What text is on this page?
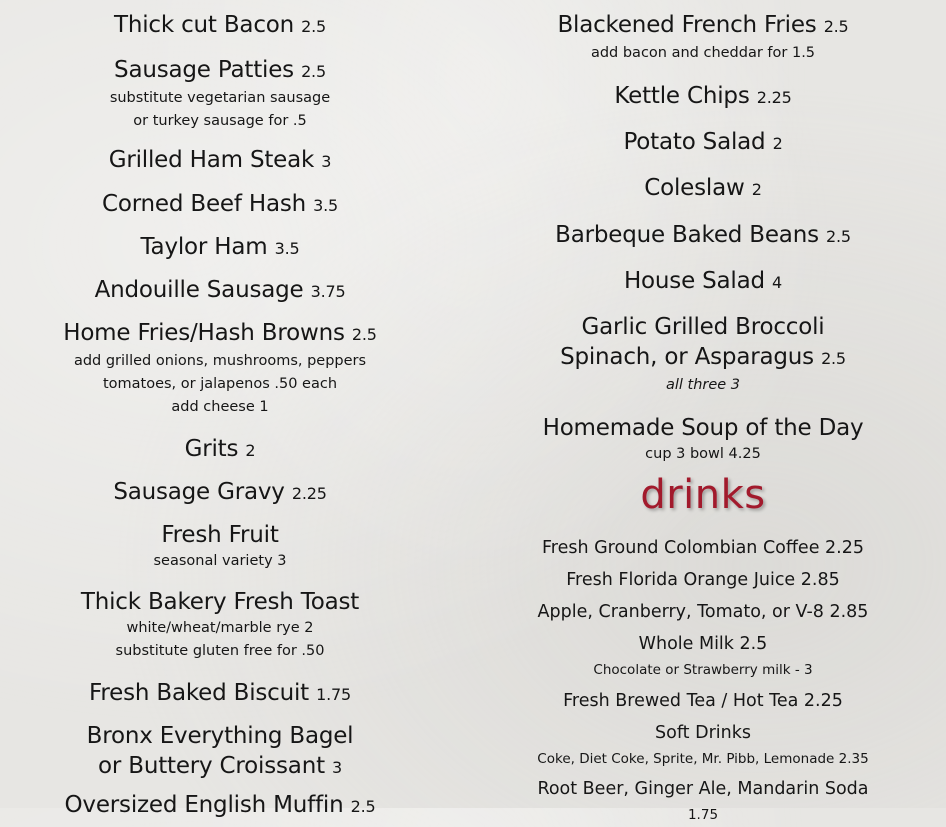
Thick cut Bacon 2.5
Sausage Patties 2.5
substitute vegetarian sausage
or turkey sausage for .5
Grilled Ham Steak 3
Corned Beef Hash 3.5
Taylor Ham 3.5
Andouille Sausage 3.75
Home Fries/Hash Browns 2.5
add grilled onions, mushrooms, peppers
tomatoes, or jalapenos .50 each
add cheese 1
Grits 2
Sausage Gravy 2.25
Fresh Fruit
seasonal variety 3
Thick Bakery Fresh Toast
white/wheat/marble rye 2
substitute gluten free for .50
Fresh Baked Biscuit 1.75
Bronx Everything Bagel
or Buttery Croissant 3
Oversized English Muffin 2.5
Blackened French Fries 2.5
add bacon and cheddar for 1.5
Kettle Chips 2.25
Potato Salad 2
Coleslaw 2
Barbeque Baked Beans 2.5
House Salad 4
Garlic Grilled Broccoli
Spinach, or Asparagus 2.5
all three 3
Homemade Soup of the Day
cup 3 bowl 4.25
drinks
Fresh Ground Colombian Coffee 2.25
Fresh Florida Orange Juice 2.85
Apple, Cranberry, Tomato, or V-8 2.85
Whole Milk 2.5
Chocolate or Strawberry milk - 3
Fresh Brewed Tea / Hot Tea 2.25
Soft Drinks
Coke, Diet Coke, Sprite, Mr. Pibb, Lemonade 2.35
Root Beer, Ginger Ale, Mandarin Soda
1.75
